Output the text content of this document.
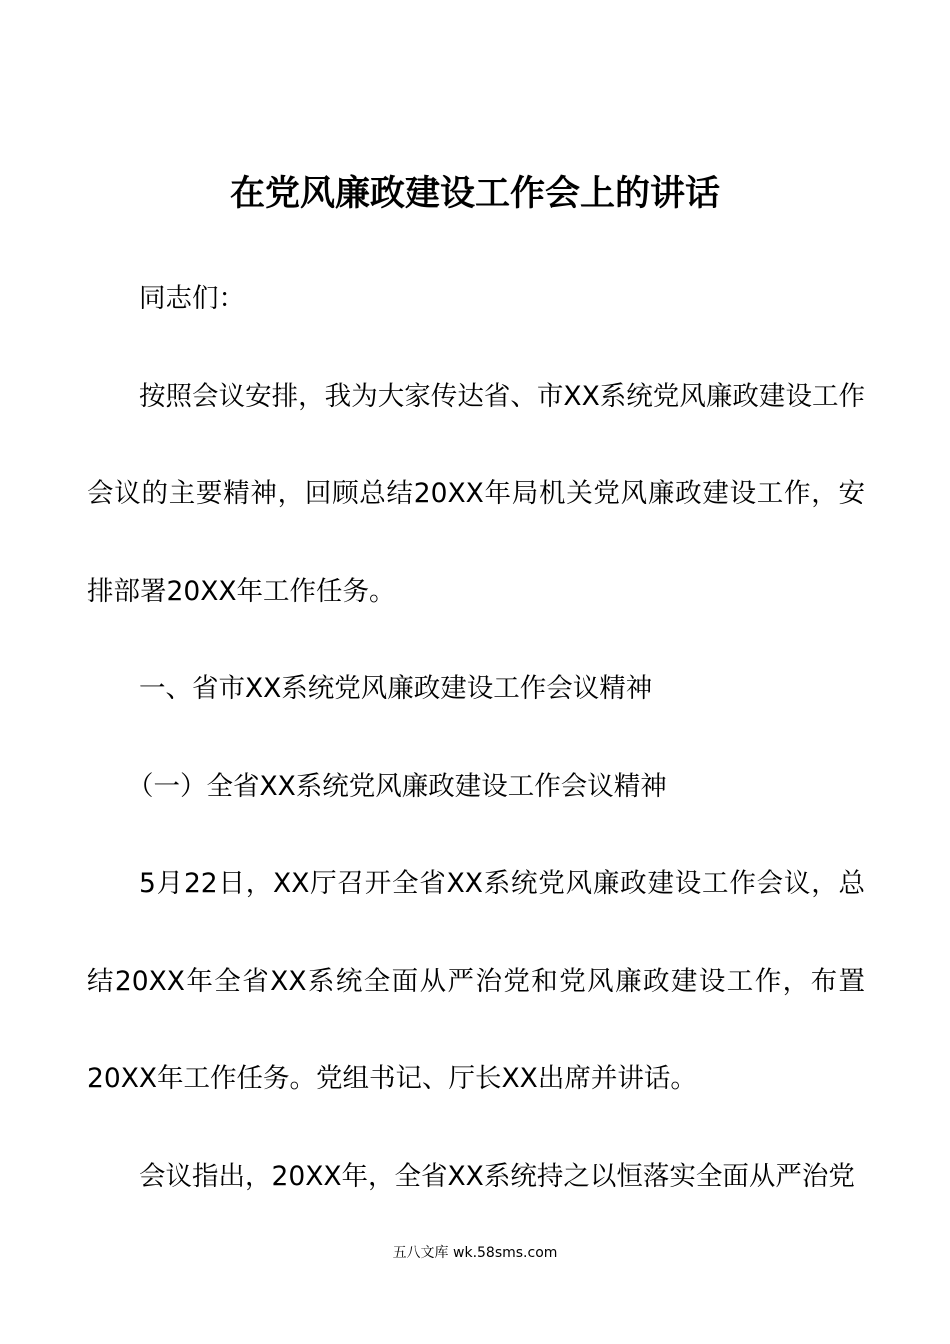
在党风廉政建设工作会上的讲话

同志们：

按照会议安排，我为大家传达省、市XX系统党风廉政建设工作会议的主要精神，回顾总结20XX年局机关党风廉政建设工作，安排部署20XX年工作任务。

一、省市XX系统党风廉政建设工作会议精神

（一）全省XX系统党风廉政建设工作会议精神

5月22日，XX厅召开全省XX系统党风廉政建设工作会议，总结20XX年全省XX系统全面从严治党和党风廉政建设工作，布置20XX年工作任务。党组书记、厅长XX出席并讲话。

会议指出，20XX年，全省XX系统持之以恒落实全面从严治党

五八文库 wk.58sms.com
